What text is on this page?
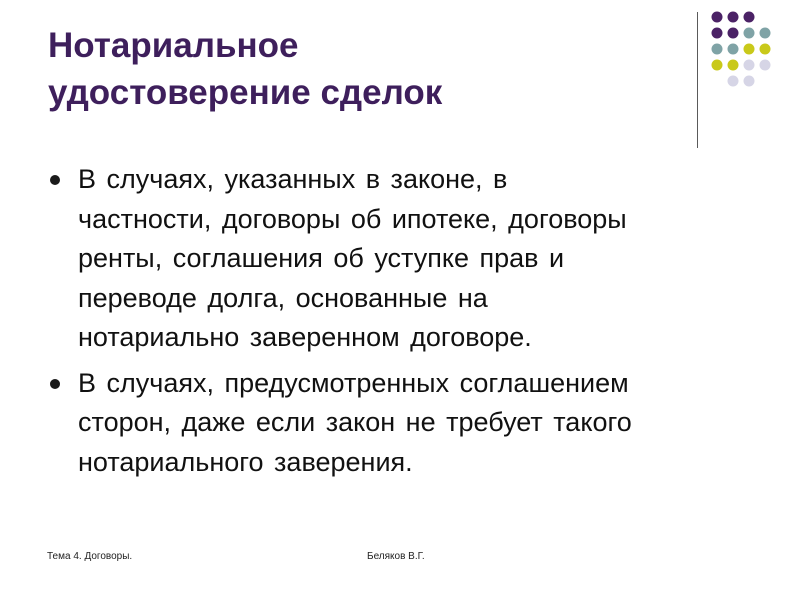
Нотариальное
удостоверение сделок
В случаях, указанных в законе, в
частности, договоры об ипотеке, договоры
ренты, соглашения об уступке прав и
переводе долга, основанные на
нотариально заверенном договоре.
В случаях, предусмотренных соглашением
сторон, даже если закон не требует такого
нотариального заверения.
Тема 4. Договоры.	Беляков В.Г.
